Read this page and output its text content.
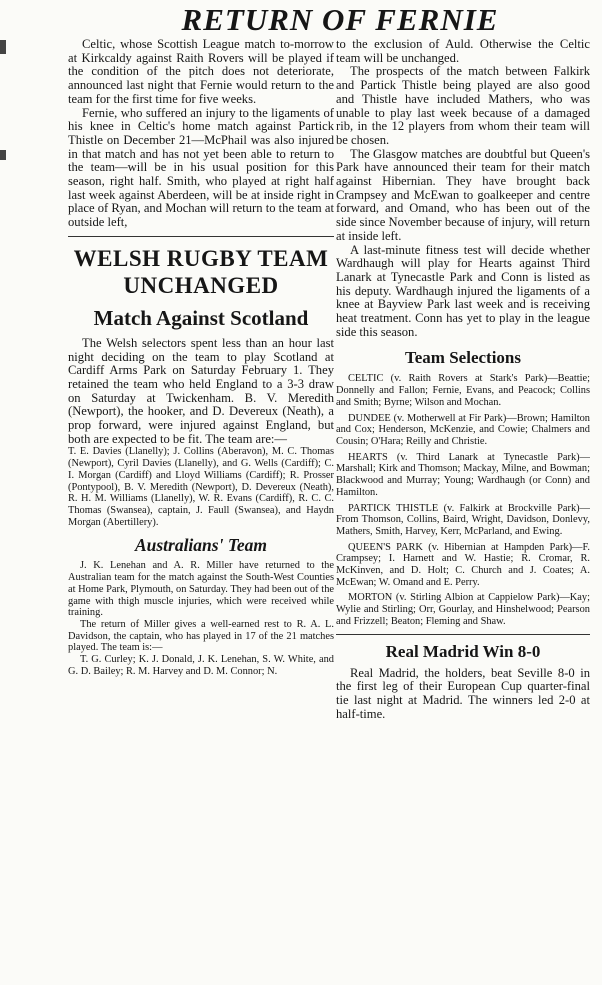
RETURN OF FERNIE

Celtic, whose Scottish League match to-morrow at Kirkcaldy against Raith Rovers will be played if the condition of the pitch does not deteriorate, announced last night that Fernie would return to the team for the first time for five weeks.

Fernie, who suffered an injury to the ligaments of his knee in Celtic's home match against Partick Thistle on December 21—McPhail was also injured in that match and has not yet been able to return to the team—will be in his usual position for this season, right half. Smith, who played at right half last week against Aberdeen, will be at inside right in place of Ryan, and Mochan will return to the team at outside left,

WELSH RUGBY TEAM
UNCHANGED
Match Against Scotland

The Welsh selectors spent less than an hour last night deciding on the team to play Scotland at Cardiff Arms Park on Saturday February 1. They retained the team who held England to a 3-3 draw on Saturday at Twickenham. B. V. Meredith (Newport), the hooker, and D. Devereux (Neath), a prop forward, were injured against England, but both are expected to be fit. The team are:—

T. E. Davies (Llanelly); J. Collins (Aberavon), M. C. Thomas (Newport), Cyril Davies (Llanelly), and G. Wells (Cardiff); C. I. Morgan (Cardiff) and Lloyd Williams (Cardiff); R. Prosser (Pontypool), B. V. Meredith (Newport), D. Devereux (Neath), R. H. M. Williams (Llanelly), W. R. Evans (Cardiff), R. C. C. Thomas (Swansea), captain, J. Faull (Swansea), and Haydn Morgan (Abertillery).

Australians' Team

J. K. Lenehan and A. R. Miller have returned to the Australian team for the match against the South-West Counties at Home Park, Plymouth, on Saturday. They had been out of the game with thigh muscle injuries, which were received while training.

The return of Miller gives a well-earned rest to R. A. L. Davidson, the captain, who has played in 17 of the 21 matches played. The team is:—

T. G. Curley; K. J. Donald, J. K. Lenehan, S. W. White, and G. D. Bailey; R. M. Harvey and D. M. Connor; N.

to the exclusion of Auld. Otherwise the Celtic team will be unchanged.

The prospects of the match between Falkirk and Partick Thistle being played are also good and Thistle have included Mathers, who was unable to play last week because of a damaged rib, in the 12 players from whom their team will be chosen.

The Glasgow matches are doubtful but Queen's Park have announced their team for their match against Hibernian. They have brought back Crampsey and McEwan to goalkeeper and centre forward, and Omand, who has been out of the side since November because of injury, will return at inside left.

A last-minute fitness test will decide whether Wardhaugh will play for Hearts against Third Lanark at Tynecastle Park and Conn is listed as his deputy. Wardhaugh injured the ligaments of a knee at Bayview Park last week and is receiving heat treatment. Conn has yet to play in the league side this season.

Team Selections

CELTIC (v. Raith Rovers at Stark's Park)—Beattie; Donnelly and Fallon; Fernie, Evans, and Peacock; Collins and Smith; Byrne; Wilson and Mochan.

DUNDEE (v. Motherwell at Fir Park)—Brown; Hamilton and Cox; Henderson, McKenzie, and Cowie; Chalmers and Cousin; O'Hara; Reilly and Christie.

HEARTS (v. Third Lanark at Tynecastle Park)—Marshall; Kirk and Thomson; Mackay, Milne, and Bowman; Blackwood and Murray; Young; Wardhaugh (or Conn) and Hamilton.

PARTICK THISTLE (v. Falkirk at Brockville Park)—From Thomson, Collins, Baird, Wright, Davidson, Donlevy, Mathers, Smith, Harvey, Kerr, McParland, and Ewing.

QUEEN'S PARK (v. Hibernian at Hampden Park)—F. Crampsey; I. Harnett and W. Hastie; R. Cromar, R. McKinven, and D. Holt; C. Church and J. Coates; A. McEwan; W. Omand and E. Perry.

MORTON (v. Stirling Albion at Cappielow Park)—Kay; Wylie and Stirling; Orr, Gourlay, and Hinshelwood; Pearson and Frizzell; Beaton; Fleming and Shaw.

Real Madrid Win 8-0

Real Madrid, the holders, beat Seville 8-0 in the first leg of their European Cup quarter-final tie last night at Madrid. The winners led 2-0 at half-time.
